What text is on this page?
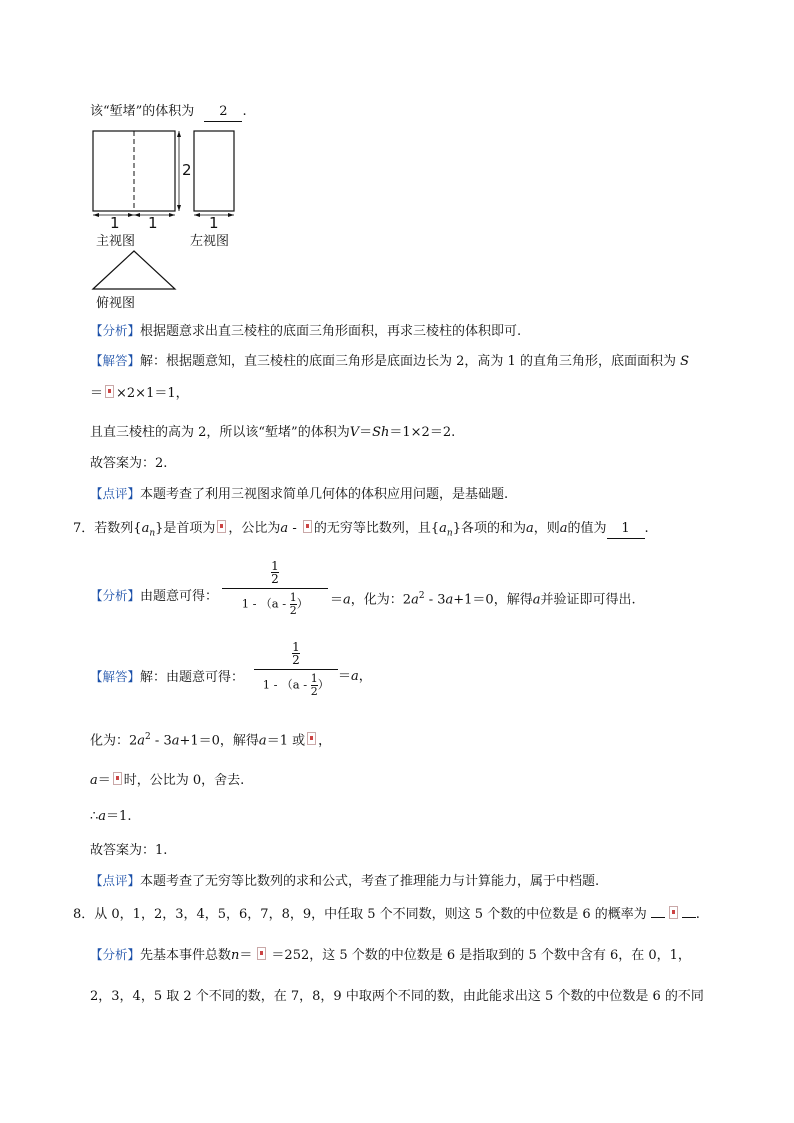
该“堑堵”的体积为 2 .
2
1 1
主视图
1
左视图
俯视图
【分析】根据题意求出直三棱柱的底面三角形面积，再求三棱柱的体积即可.
【解答】解：根据题意知，直三棱柱的底面三角形是底面边长为 2，高为 1 的直角三角形，底面面积为 S
＝ ×2×1＝1，
且直三棱柱的高为 2，所以该“堑堵”的体积为V＝Sh＝1×2＝2.
故答案为：2.
【点评】本题考查了利用三视图求简单几何体的体积应用问题，是基础题.
7．若数列$\{a_n\}$是首项为 ，公比为a - 的无穷等比数列，且$\{a_n\}$各项的和为a，则a的值为 1 .
【分析】由题意可得：
$\frac{1}{2}$
$1 - (a - \frac{1}{2}$ ）	＝a，化为：$2a^2 - 3a+1=0$，解得a并验证即可得出.
【解答】解：由题意可得：
$\frac{1}{2}$
$1 - (a - \frac{1}{2}$ ）
＝a，
化为：$2a^2 - 3a+1=0$，解得a＝1 或 ，
a＝ 时，公比为 0，舍去.
∴a＝1.
故答案为：1.
【点评】本题考查了无穷等比数列的求和公式，考查了推理能力与计算能力，属于中档题.
8．从 0，1，2，3，4，5，6，7，8，9，中任取 5 个不同数，则这 5 个数的中位数是 6 的概率为	.
【分析】先基本事件总数n＝ ＝252，这 5 个数的中位数是 6 是指取到的 5 个数中含有 6，在 0，1，
2，3，4，5 取 2 个不同的数，在 7，8，9 中取两个不同的数，由此能求出这 5 个数的中位数是 6 的不同
